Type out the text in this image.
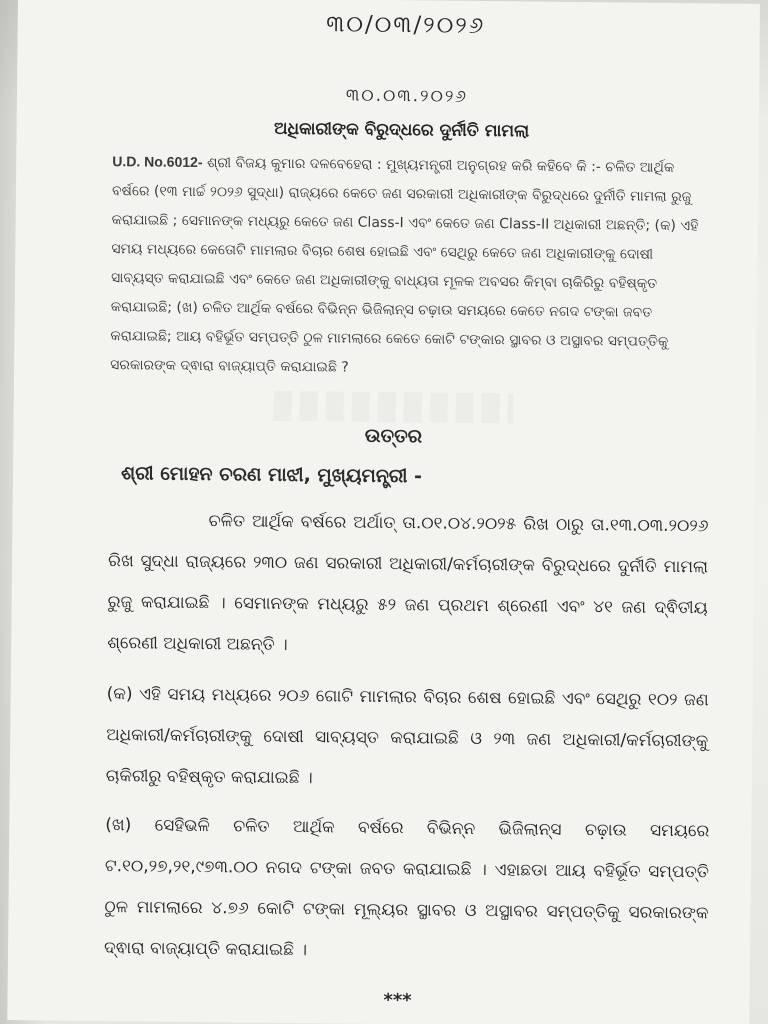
୩୦/୦୩/୨୦୨୬
୩୦.୦୩.୨୦୨୬
ଅଧିକାରୀଙ୍କ ବିରୁଦ୍ଧରେ ଦୁର୍ନୀତି ମାମଲା
U.D. No.6012- ଶ୍ରୀ ବିଜୟ କୁମାର ଦଳବେହେରା : ମୁଖ୍ୟମନ୍ତ୍ରୀ ଅନୁଗ୍ରହ କରି କହିବେ କି :- ଚଳିତ ଆର୍ଥିକ ବର୍ଷରେ (୧୩ ମାର୍ଚ୍ଚ ୨୦୨୬ ସୁଦ୍ଧା) ରାଜ୍ୟରେ କେତେ ଜଣ ସରକାରୀ ଅଧିକାରୀଙ୍କ ବିରୁଦ୍ଧରେ ଦୁର୍ନୀତି ମାମଲା ରୁଜୁ କରାଯାଇଛି ; ସେମାନଙ୍କ ମଧ୍ୟରୁ କେତେ ଜଣ Class-I ଏବଂ କେତେ ଜଣ Class-II ଅଧିକାରୀ ଅଛନ୍ତି; (କ) ଏହି ସମୟ ମଧ୍ୟରେ କେତୋଟି ମାମଲାର ବିଚାର ଶେଷ ହୋଇଛି ଏବଂ ସେଥିରୁ କେତେ ଜଣ ଅଧିକାରୀଙ୍କୁ ଦୋଷୀ ସାବ୍ୟସ୍ତ କରାଯାଇଛି ଏବଂ କେତେ ଜଣ ଅଧିକାରୀଙ୍କୁ ବାଧ୍ୟତା ମୂଳକ ଅବସର କିମ୍ବା ଚାକିରିରୁ ବହିଷ୍କୃତ କରାଯାଇଛି; (ଖ) ଚଳିତ ଆର୍ଥିକ ବର୍ଷରେ ବିଭିନ୍ନ ଭିଜିଲାନ୍ସ ଚଢ଼ାଉ ସମୟରେ କେତେ ନଗଦ ଟଙ୍କା ଜବତ କରାଯାଇଛି; ଆୟ ବହିର୍ଭୂତ ସମ୍ପତ୍ତି ଠୁଳ ମାମଲାରେ କେତେ କୋଟି ଟଙ୍କାର ସ୍ଥାବର ଓ ଅସ୍ଥାବର ସମ୍ପତ୍ତିକୁ ସରକାରଙ୍କ ଦ୍ଵାରା ବାଜ୍ୟାପ୍ତି କରାଯାଇଛି ?
ଉତ୍ତର
ଶ୍ରୀ ମୋହନ ଚରଣ ମାଝୀ, ମୁଖ୍ୟମନ୍ତ୍ରୀ -
ଚଳିତ ଆର୍ଥିକ ବର୍ଷରେ ଅର୍ଥାତ୍ ତା.୦୧.୦୪.୨୦୨୫ ରିଖ ଠାରୁ ତା.୧୩.୦୩.୨୦୨୬ ରିଖ ସୁଦ୍ଧା ରାଜ୍ୟରେ ୨୩୦ ଜଣ ସରକାରୀ ଅଧିକାରୀ/କର୍ମଚାରୀଙ୍କ ବିରୁଦ୍ଧରେ ଦୁର୍ନୀତି ମାମଲା ରୁଜୁ କରାଯାଇଛି । ସେମାନଙ୍କ ମଧ୍ୟରୁ ୫୨ ଜଣ ପ୍ରଥମ ଶ୍ରେଣୀ ଏବଂ ୪୧ ଜଣ ଦ୍ଵିତୀୟ ଶ୍ରେଣୀ ଅଧିକାରୀ ଅଛନ୍ତି ।
(କ) ଏହି ସମୟ ମଧ୍ୟରେ ୨୦୬ ଗୋଟି ମାମଲାର ବିଚାର ଶେଷ ହୋଇଛି ଏବଂ ସେଥିରୁ ୧୦୨ ଜଣ ଅଧିକାରୀ/କର୍ମଚାରୀଙ୍କୁ ଦୋଷୀ ସାବ୍ୟସ୍ତ କରାଯାଇଛି ଓ ୨୩ ଜଣ ଅଧିକାରୀ/କର୍ମଚାରୀଙ୍କୁ ଚାକିରୀରୁ ବହିଷ୍କୃତ କରାଯାଇଛି ।
(ଖ) ସେହିଭଳି ଚଳିତ ଆର୍ଥିକ ବର୍ଷରେ ବିଭିନ୍ନ ଭିଜିଲାନ୍ସ ଚଢ଼ାଉ ସମୟରେ ଟ.୧୦,୨୭,୨୧,୯୭୩.୦୦ ନଗଦ ଟଙ୍କା ଜବତ କରାଯାଇଛି । ଏହାଛଡା ଆୟ ବହିର୍ଭୂତ ସମ୍ପତ୍ତି ଠୁଳ ମାମଲାରେ ୪.୭୬ କୋଟି ଟଙ୍କା ମୂଲ୍ୟର ସ୍ଥାବର ଓ ଅସ୍ଥାବର ସମ୍ପତ୍ତିକୁ ସରକାରଙ୍କ ଦ୍ଵାରା ବାଜ୍ୟାପ୍ତି କରାଯାଇଛି ।
***
